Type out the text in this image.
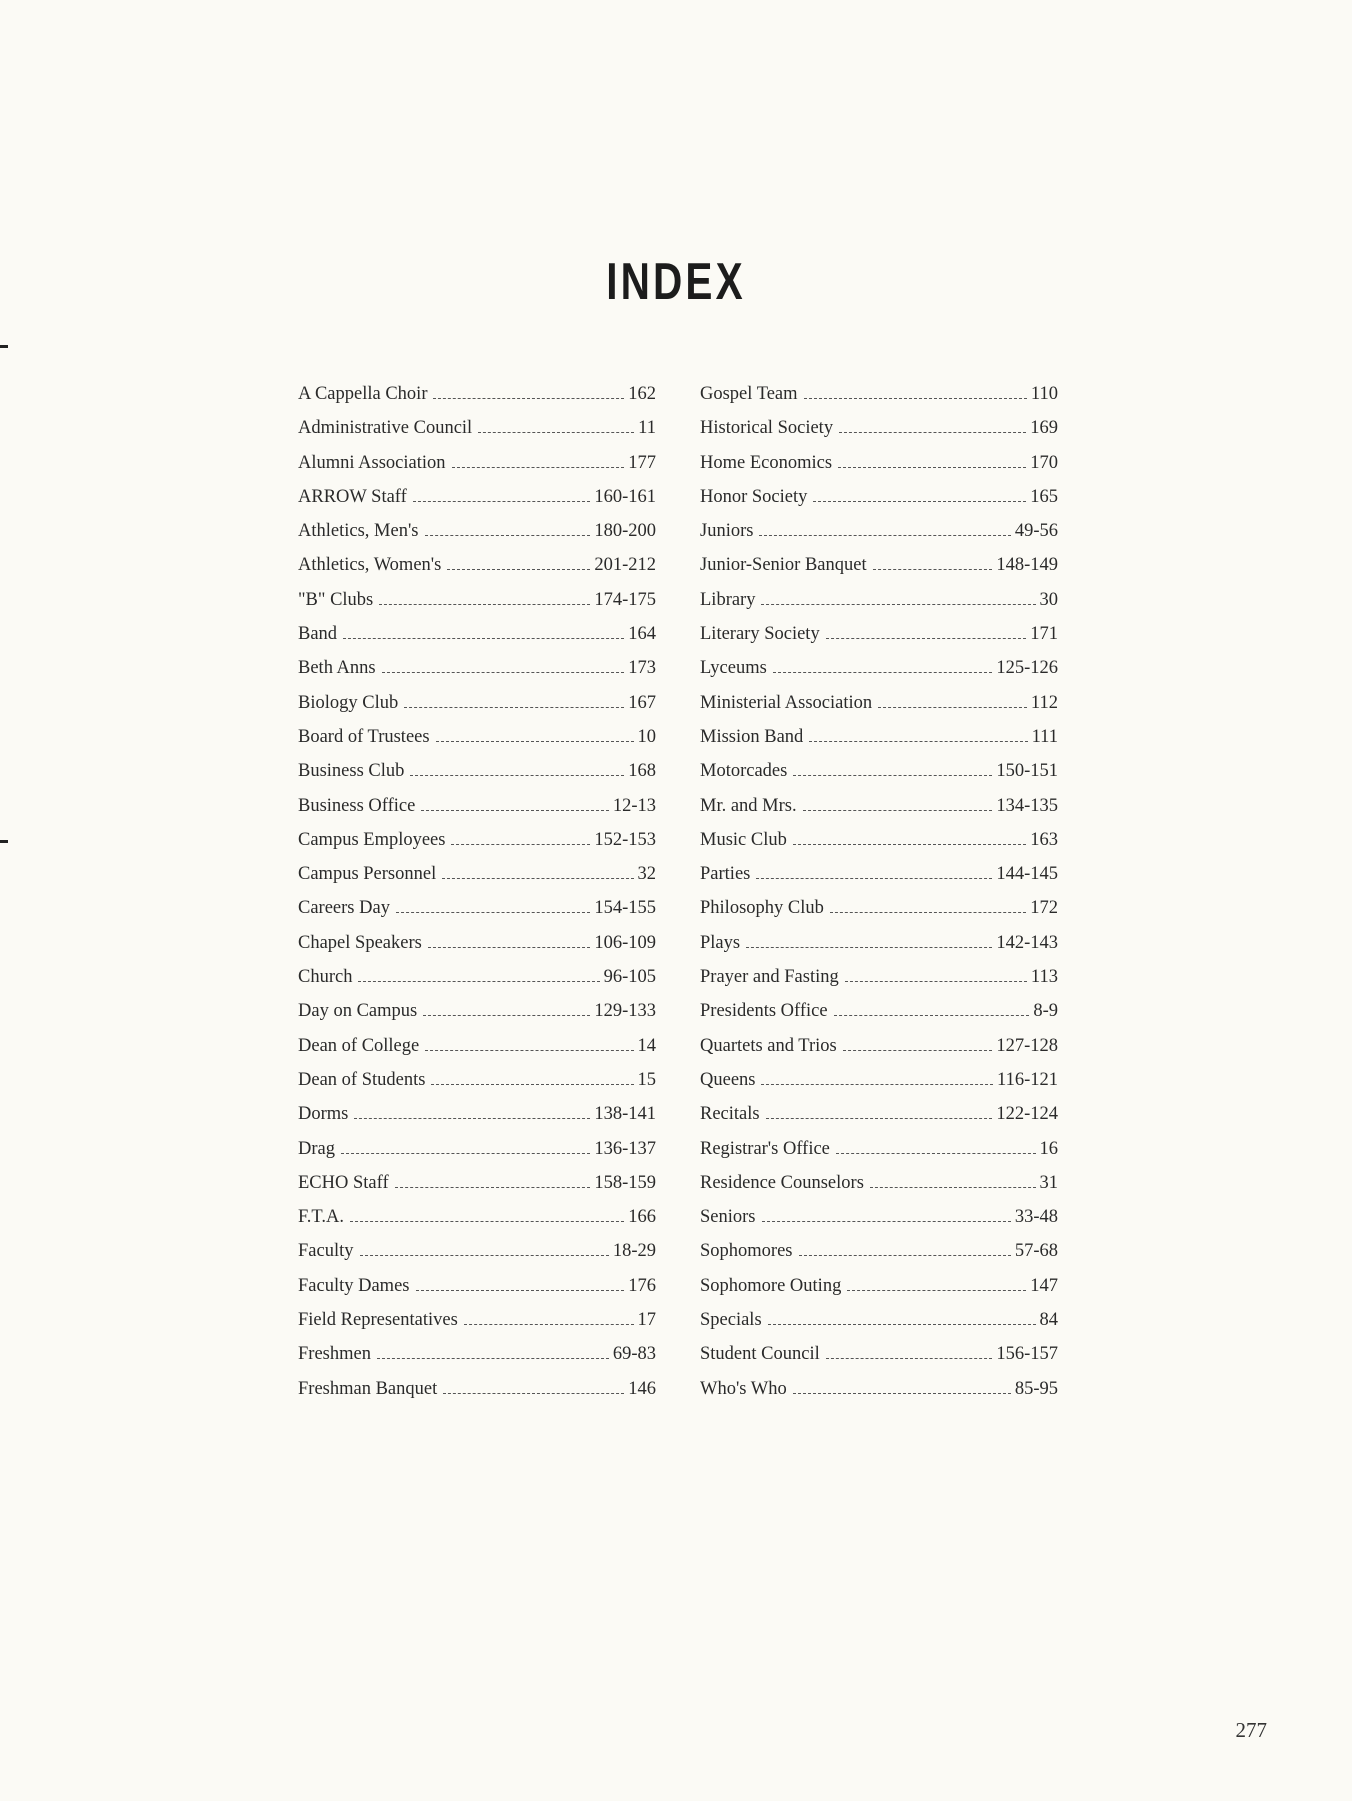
INDEX
A Cappella Choir	162
Administrative Council	11
Alumni Association	177
ARROW Staff	160-161
Athletics, Men's	180-200
Athletics, Women's	201-212
"B" Clubs	174-175
Band	164
Beth Anns	173
Biology Club	167
Board of Trustees	10
Business Club	168
Business Office	12-13
Campus Employees	152-153
Campus Personnel	32
Careers Day	154-155
Chapel Speakers	106-109
Church	96-105
Day on Campus	129-133
Dean of College	14
Dean of Students	15
Dorms	138-141
Drag	136-137
ECHO Staff	158-159
F.T.A.	166
Faculty	18-29
Faculty Dames	176
Field Representatives	17
Freshmen	69-83
Freshman Banquet	146
Gospel Team	110
Historical Society	169
Home Economics	170
Honor Society	165
Juniors	49-56
Junior-Senior Banquet	148-149
Library	30
Literary Society	171
Lyceums	125-126
Ministerial Association	112
Mission Band	111
Motorcades	150-151
Mr. and Mrs.	134-135
Music Club	163
Parties	144-145
Philosophy Club	172
Plays	142-143
Prayer and Fasting	113
Presidents Office	8-9
Quartets and Trios	127-128
Queens	116-121
Recitals	122-124
Registrar's Office	16
Residence Counselors	31
Seniors	33-48
Sophomores	57-68
Sophomore Outing	147
Specials	84
Student Council	156-157
Who's Who	85-95
277
